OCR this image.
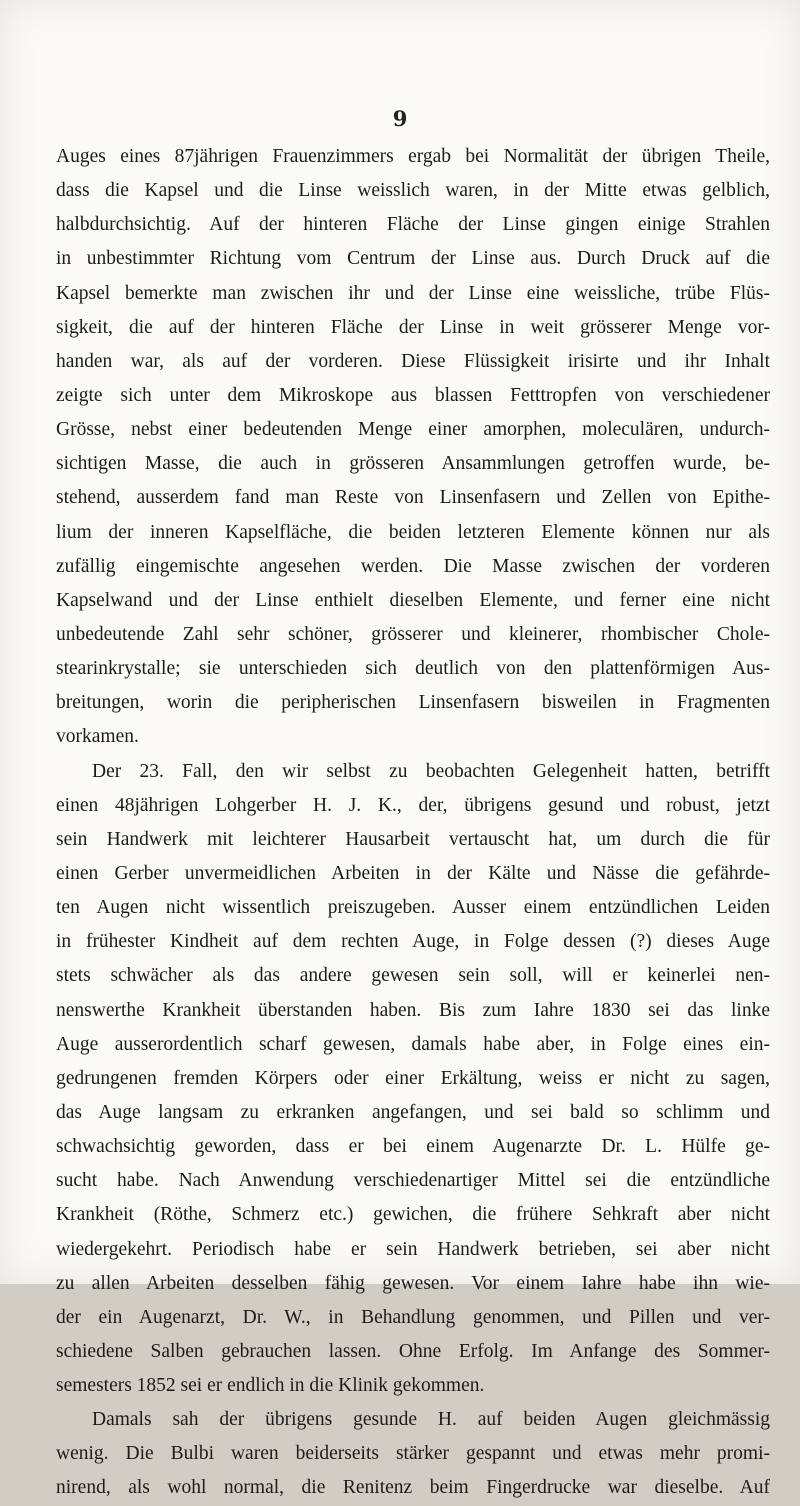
9
Auges eines 87jährigen Frauenzimmers ergab bei Normalität der übrigen Theile,
dass die Kapsel und die Linse weisslich waren, in der Mitte etwas gelblich,
halbdurchsichtig. Auf der hinteren Fläche der Linse gingen einige Strahlen
in unbestimmter Richtung vom Centrum der Linse aus. Durch Druck auf die
Kapsel bemerkte man zwischen ihr und der Linse eine weissliche, trübe Flüs-
sigkeit, die auf der hinteren Fläche der Linse in weit grösserer Menge vor-
handen war, als auf der vorderen. Diese Flüssigkeit irisirte und ihr Inhalt
zeigte sich unter dem Mikroskope aus blassen Fetttropfen von verschiedener
Grösse, nebst einer bedeutenden Menge einer amorphen, moleculären, undurch-
sichtigen Masse, die auch in grösseren Ansammlungen getroffen wurde, be-
stehend, ausserdem fand man Reste von Linsenfasern und Zellen von Epithe-
lium der inneren Kapselfläche, die beiden letzteren Elemente können nur als
zufällig eingemischte angesehen werden. Die Masse zwischen der vorderen
Kapselwand und der Linse enthielt dieselben Elemente, und ferner eine nicht
unbedeutende Zahl sehr schöner, grösserer und kleinerer, rhombischer Chole-
stearinkrystalle; sie unterschieden sich deutlich von den plattenförmigen Aus-
breitungen, worin die peripherischen Linsenfasern bisweilen in Fragmenten
vorkamen.
Der 23. Fall, den wir selbst zu beobachten Gelegenheit hatten, betrifft
einen 48jährigen Lohgerber H. J. K., der, übrigens gesund und robust, jetzt
sein Handwerk mit leichterer Hausarbeit vertauscht hat, um durch die für
einen Gerber unvermeidlichen Arbeiten in der Kälte und Nässe die gefährde-
ten Augen nicht wissentlich preiszugeben. Ausser einem entzündlichen Leiden
in frühester Kindheit auf dem rechten Auge, in Folge dessen (?) dieses Auge
stets schwächer als das andere gewesen sein soll, will er keinerlei nen-
nenswerthe Krankheit überstanden haben. Bis zum Iahre 1830 sei das linke
Auge ausserordentlich scharf gewesen, damals habe aber, in Folge eines ein-
gedrungenen fremden Körpers oder einer Erkältung, weiss er nicht zu sagen,
das Auge langsam zu erkranken angefangen, und sei bald so schlimm und
schwachsichtig geworden, dass er bei einem Augenarzte Dr. L. Hülfe ge-
sucht habe. Nach Anwendung verschiedenartiger Mittel sei die entzündliche
Krankheit (Röthe, Schmerz etc.) gewichen, die frühere Sehkraft aber nicht
wiedergekehrt. Periodisch habe er sein Handwerk betrieben, sei aber nicht
zu allen Arbeiten desselben fähig gewesen. Vor einem Iahre habe ihn wie-
der ein Augenarzt, Dr. W., in Behandlung genommen, und Pillen und ver-
schiedene Salben gebrauchen lassen. Ohne Erfolg. Im Anfange des Sommer-
semesters 1852 sei er endlich in die Klinik gekommen.
Damals sah der übrigens gesunde H. auf beiden Augen gleichmässig
wenig. Die Bulbi waren beiderseits stärker gespannt und etwas mehr promi-
nirend, als wohl normal, die Renitenz beim Fingerdrucke war dieselbe. Auf
